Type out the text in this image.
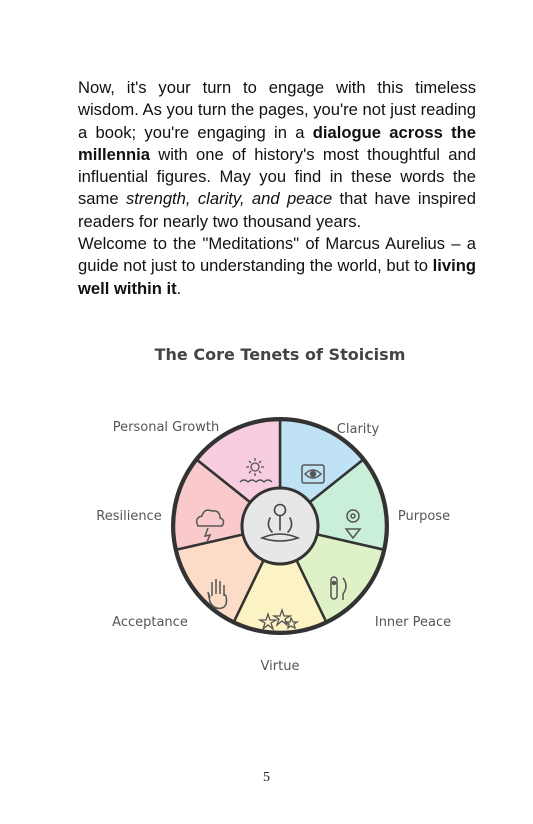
Now, it's your turn to engage with this timeless wisdom. As you turn the pages, you're not just reading a book; you're engaging in a dialogue across the millennia with one of history's most thoughtful and influential figures. May you find in these words the same strength, clarity, and peace that have inspired readers for nearly two thousand years.
Welcome to the "Meditations" of Marcus Aurelius – a guide not just to understanding the world, but to living well within it.
The Core Tenets of Stoicism
Personal Growth	Clarity
Resilience	Purpose
Acceptance	Inner Peace
Virtue
5
